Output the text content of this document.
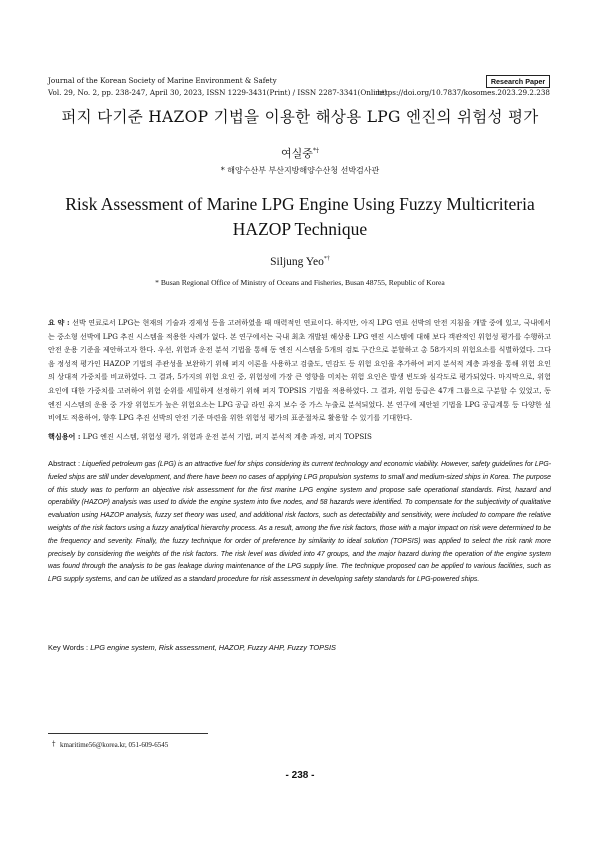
Journal of the Korean Society of Marine Environment & Safety	Research Paper
Vol. 29, No. 2, pp. 238-247, April 30, 2023, ISSN 1229-3431(Print) / ISSN 2287-3341(Online)
https://doi.org/10.7837/kosomes.2023.29.2.238
퍼지 다기준 HAZOP 기법을 이용한 해상용 LPG 엔진의 위험성 평가
여실중*†
* 해양수산부 부산지방해양수산청 선박검사관
Risk Assessment of Marine LPG Engine Using Fuzzy Multicriteria HAZOP Technique
Siljung Yeo*†
* Busan Regional Office of Ministry of Oceans and Fisheries, Busan 48755, Republic of Korea
요 약 : 선박 연료로서 LPG는 현재의 기술과 경제성 등을 고려하였을 때 매력적인 연료이다. 하지만, 아직 LPG 연료 선박의 안전 지침을 개발 중에 있고, 국내에서는 중소형 선박에 LPG 추진 시스템을 적용한 사례가 없다. 본 연구에서는 국내 최초 개발된 해상용 LPG 엔진 시스템에 대해 보다 객관적인 위험성 평가를 수행하고 안전 운용 기준을 제안하고자 한다. 우선, 위험과 운전 분석 기법을 통해 동 엔진 시스템을 5개의 검토 구간으로 분할하고 총 58가지의 위험요소를 식별하였다. 그다음 정성적 평가인 HAZOP 기법의 주관성을 보완하기 위해 퍼지 이론을 사용하고 검출도, 민감도 등 위험 요인을 추가하여 퍼지 분석적 계층 과정을 통해 위험 요인의 상대적 가중치를 비교하였다. 그 결과, 5가지의 위험 요인 중, 위험성에 가장 큰 영향을 미치는 위험 요인은 발생 빈도와 심각도로 평가되었다. 마지막으로, 위험 요인에 대한 가중치를 고려하여 위험 순위를 세밀하게 선정하기 위해 퍼지 TOPSIS 기법을 적용하였다. 그 결과, 위험 등급은 47개 그룹으로 구분할 수 있었고, 동 엔진 시스템의 운용 중 가장 위험도가 높은 위험요소는 LPG 공급 라인 유지 보수 중 가스 누출로 분석되었다. 본 연구에 제안된 기법을 LPG 공급계통 등 다양한 설비에도 적용하여, 향후 LPG 추진 선박의 안전 기준 마련을 위한 위험성 평가의 표준절차로 활용할 수 있기를 기대한다.
핵심용어 : LPG 엔진 시스템, 위험성 평가, 위험과 운전 분석 기법, 퍼지 분석적 계층 과정, 퍼지 TOPSIS
Abstract : Liquefied petroleum gas (LPG) is an attractive fuel for ships considering its current technology and economic viability. However, safety guidelines for LPG-fueled ships are still under development, and there have been no cases of applying LPG propulsion systems to small and medium-sized ships in Korea. The purpose of this study was to perform an objective risk assessment for the first marine LPG engine system and propose safe operational standards. First, hazard and operability (HAZOP) analysis was used to divide the engine system into five nodes, and 58 hazards were identified. To compensate for the subjectivity of qualitative evaluation using HAZOP analysis, fuzzy set theory was used, and additional risk factors, such as detectability and sensitivity, were included to compare the relative weights of the risk factors using a fuzzy analytical hierarchy process. As a result, among the five risk factors, those with a major impact on risk were determined to be the frequency and severity. Finally, the fuzzy technique for order of preference by similarity to ideal solution (TOPSIS) was applied to select the risk rank more precisely by considering the weights of the risk factors. The risk level was divided into 47 groups, and the major hazard during the operation of the engine system was found through the analysis to be gas leakage during maintenance of the LPG supply line. The technique proposed can be applied to various facilities, such as LPG supply systems, and can be utilized as a standard procedure for risk assessment in developing safety standards for LPG-powered ships.
Key Words : LPG engine system, Risk assessment, HAZOP, Fuzzy AHP, Fuzzy TOPSIS
† kmaritime56@korea.kr, 051-609-6545
- 238 -
